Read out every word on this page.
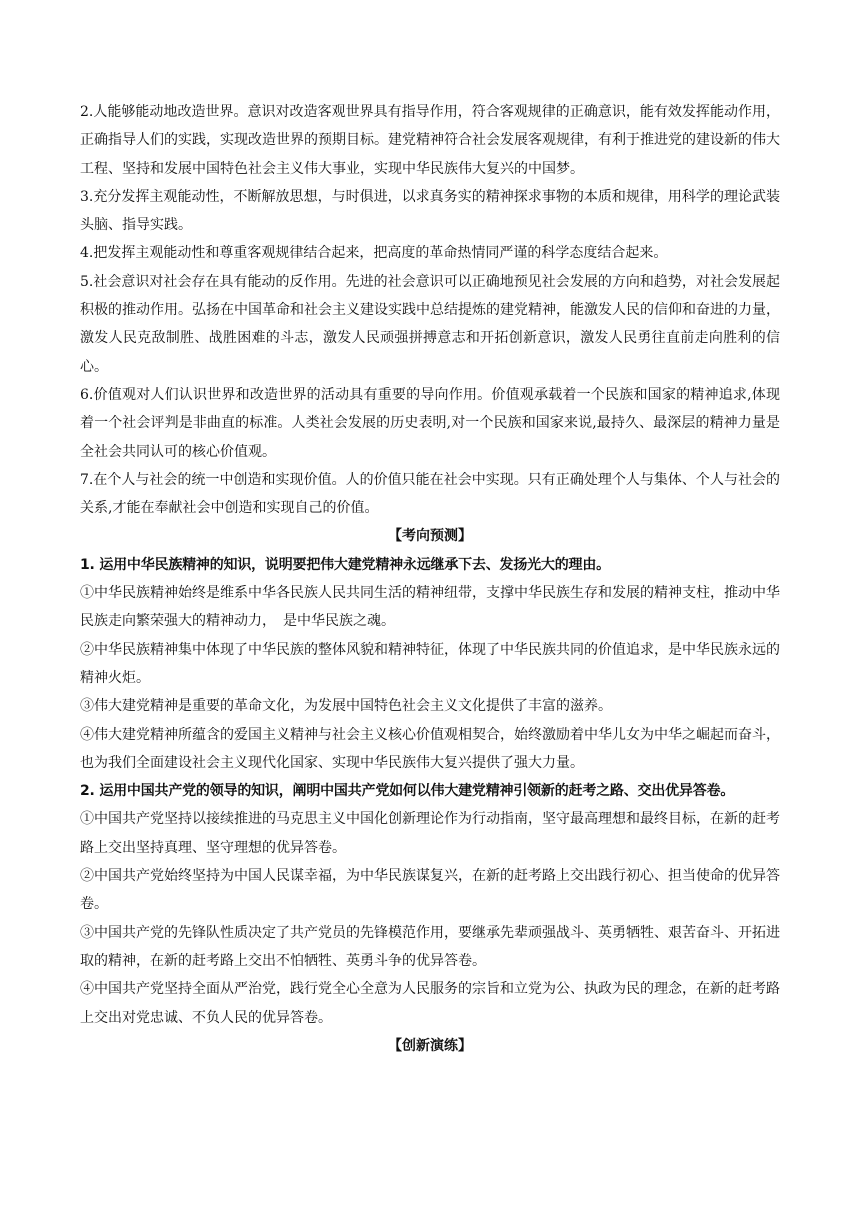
2.人能够能动地改造世界。意识对改造客观世界具有指导作用，符合客观规律的正确意识，能有效发挥能动作用，正确指导人们的实践，实现改造世界的预期目标。建党精神符合社会发展客观规律，有利于推进党的建设新的伟大工程、坚持和发展中国特色社会主义伟大事业，实现中华民族伟大复兴的中国梦。

3.充分发挥主观能动性，不断解放思想，与时俱进，以求真务实的精神探求事物的本质和规律，用科学的理论武装头脑、指导实践。

4.把发挥主观能动性和尊重客观规律结合起来，把高度的革命热情同严谨的科学态度结合起来。

5.社会意识对社会存在具有能动的反作用。先进的社会意识可以正确地预见社会发展的方向和趋势，对社会发展起积极的推动作用。弘扬在中国革命和社会主义建设实践中总结提炼的建党精神，能激发人民的信仰和奋进的力量，激发人民克敌制胜、战胜困难的斗志，激发人民顽强拼搏意志和开拓创新意识，激发人民勇往直前走向胜利的信心。

6.价值观对人们认识世界和改造世界的活动具有重要的导向作用。价值观承载着一个民族和国家的精神追求,体现着一个社会评判是非曲直的标准。人类社会发展的历史表明,对一个民族和国家来说,最持久、最深层的精神力量是全社会共同认可的核心价值观。

7.在个人与社会的统一中创造和实现价值。人的价值只能在社会中实现。只有正确处理个人与集体、个人与社会的关系,才能在奉献社会中创造和实现自己的价值。

【考向预测】

1. 运用中华民族精神的知识，说明要把伟大建党精神永远继承下去、发扬光大的理由。

①中华民族精神始终是维系中华各民族人民共同生活的精神纽带，支撑中华民族生存和发展的精神支柱，推动中华民族走向繁荣强大的精神动力，　是中华民族之魂。

②中华民族精神集中体现了中华民族的整体风貌和精神特征，体现了中华民族共同的价值追求，是中华民族永远的精神火炬。

③伟大建党精神是重要的革命文化，为发展中国特色社会主义文化提供了丰富的滋养。

④伟大建党精神所蕴含的爱国主义精神与社会主义核心价值观相契合，始终激励着中华儿女为中华之崛起而奋斗，也为我们全面建设社会主义现代化国家、实现中华民族伟大复兴提供了强大力量。

2. 运用中国共产党的领导的知识，阐明中国共产党如何以伟大建党精神引领新的赶考之路、交出优异答卷。

①中国共产党坚持以接续推进的马克思主义中国化创新理论作为行动指南，坚守最高理想和最终目标，在新的赶考路上交出坚持真理、坚守理想的优异答卷。

②中国共产党始终坚持为中国人民谋幸福，为中华民族谋复兴，在新的赶考路上交出践行初心、担当使命的优异答卷。

③中国共产党的先锋队性质决定了共产党员的先锋模范作用，要继承先辈顽强战斗、英勇牺牲、艰苦奋斗、开拓进取的精神，在新的赶考路上交出不怕牺牲、英勇斗争的优异答卷。

④中国共产党坚持全面从严治党，践行党全心全意为人民服务的宗旨和立党为公、执政为民的理念，在新的赶考路上交出对党忠诚、不负人民的优异答卷。

【创新演练】
